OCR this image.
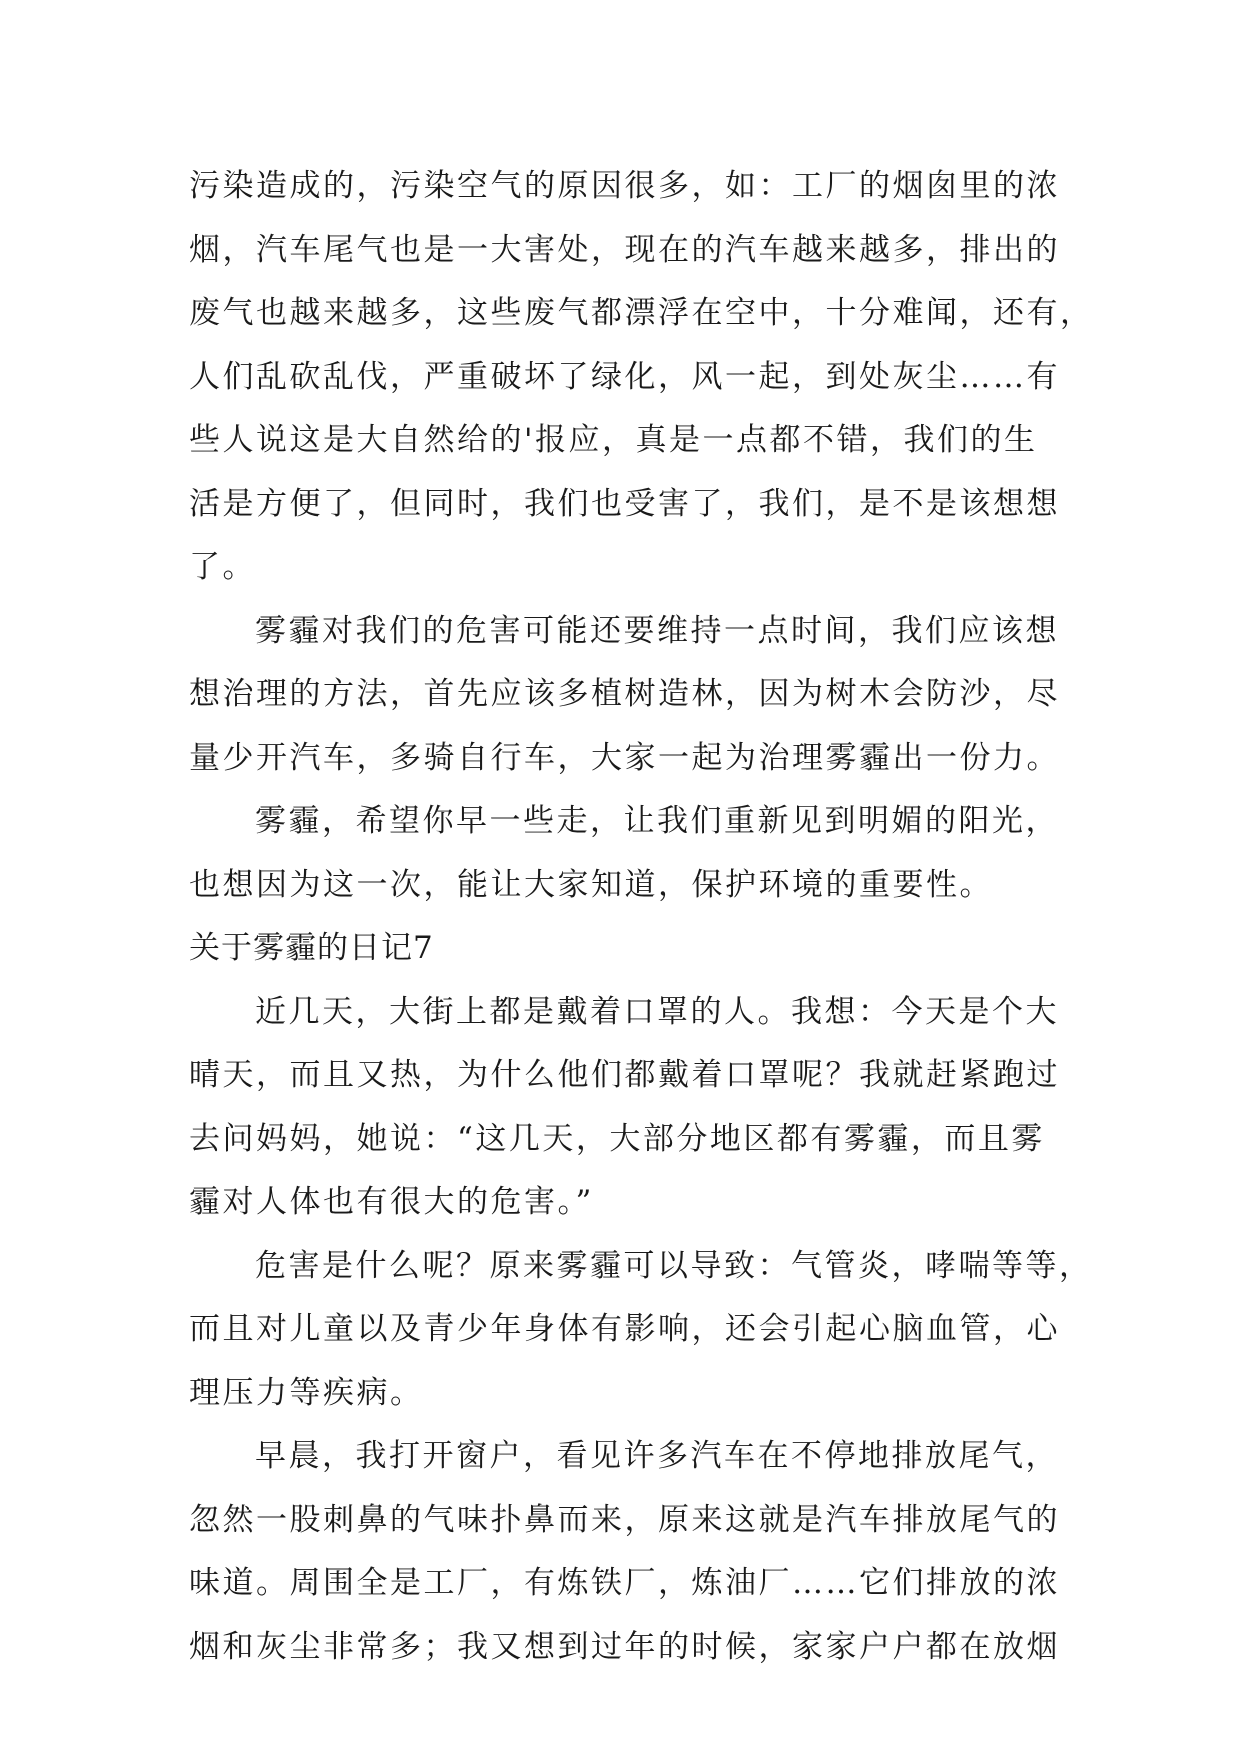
污染造成的，污染空气的原因很多，如：工厂的烟囱里的浓
烟，汽车尾气也是一大害处，现在的汽车越来越多，排出的
废气也越来越多，这些废气都漂浮在空中，十分难闻，还有，
人们乱砍乱伐，严重破坏了绿化，风一起，到处灰尘……有
些人说这是大自然给的'报应，真是一点都不错，我们的生
活是方便了，但同时，我们也受害了，我们，是不是该想想
了。
雾霾对我们的危害可能还要维持一点时间，我们应该想
想治理的方法，首先应该多植树造林，因为树木会防沙，尽
量少开汽车，多骑自行车，大家一起为治理雾霾出一份力。
雾霾，希望你早一些走，让我们重新见到明媚的阳光，
也想因为这一次，能让大家知道，保护环境的重要性。
关于雾霾的日记7
近几天，大街上都是戴着口罩的人。我想：今天是个大
晴天，而且又热，为什么他们都戴着口罩呢？我就赶紧跑过
去问妈妈，她说：“这几天，大部分地区都有雾霾，而且雾
霾对人体也有很大的危害。”
危害是什么呢？原来雾霾可以导致：气管炎，哮喘等等，
而且对儿童以及青少年身体有影响，还会引起心脑血管，心
理压力等疾病。
早晨，我打开窗户，看见许多汽车在不停地排放尾气，
忽然一股刺鼻的气味扑鼻而来，原来这就是汽车排放尾气的
味道。周围全是工厂，有炼铁厂，炼油厂……它们排放的浓
烟和灰尘非常多；我又想到过年的时候，家家户户都在放烟
